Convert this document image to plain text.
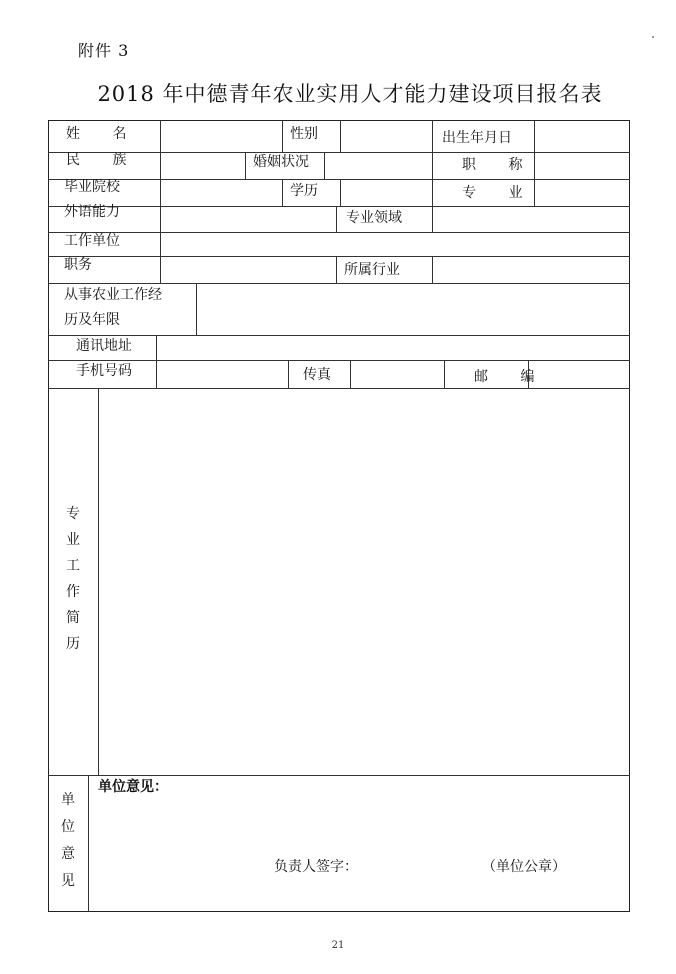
附件 3
2018 年中德青年农业实用人才能力建设项目报名表
姓 名	性别	出生年月日
民 族	婚姻状况	职 称
毕业院校	学历	专 业
外语能力	专业领域
工作单位
职务	所属行业
从事农业工作经
历及年限
通讯地址
手机号码	传真	邮 编
专
业
工
作
简
历
单
位
意
见
单位意见：
负责人签字：	（单位公章）
21
